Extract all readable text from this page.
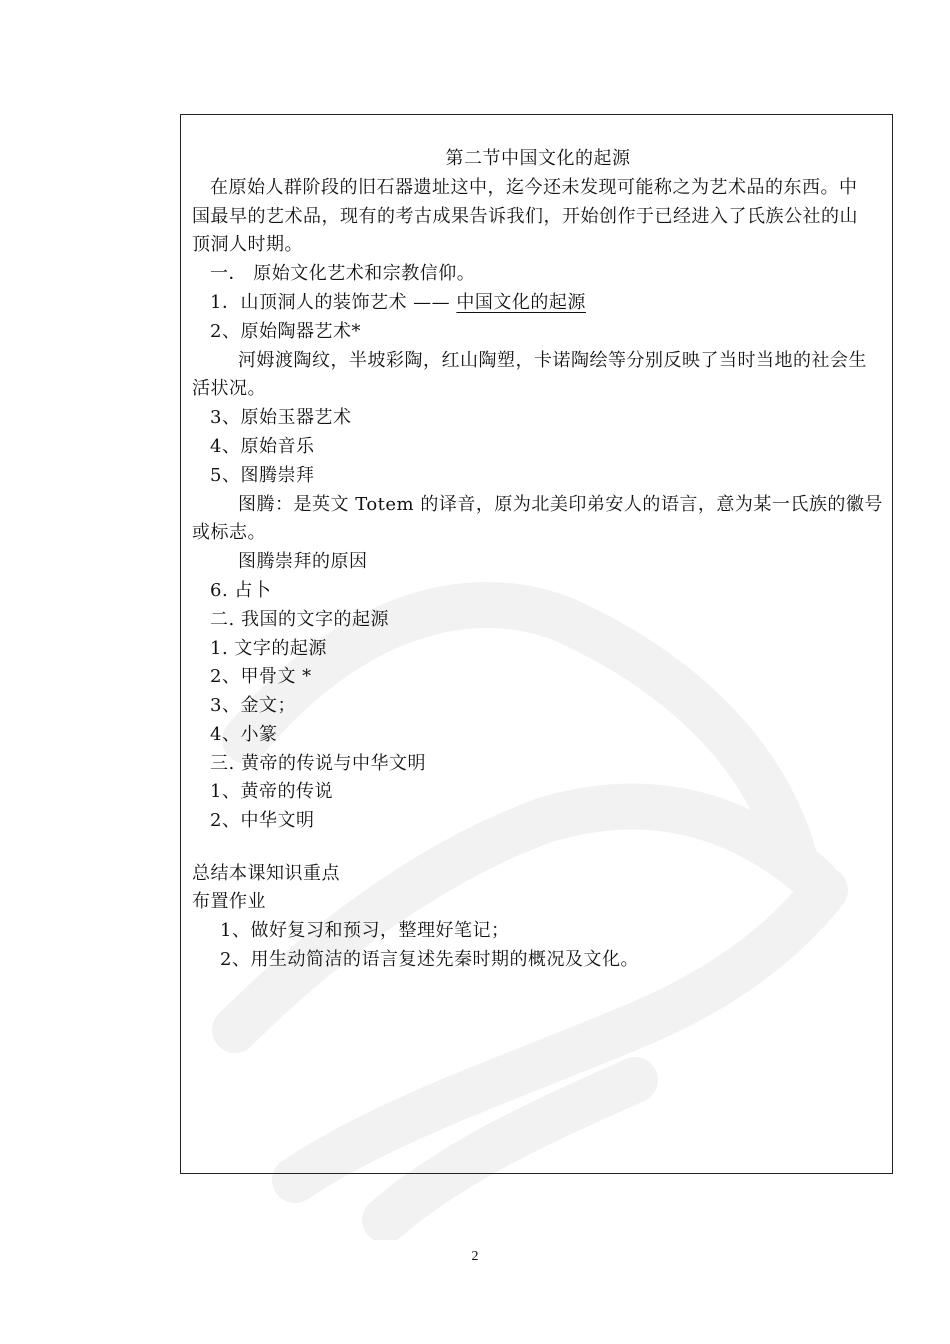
第二节中国文化的起源
在原始人群阶段的旧石器遗址这中，迄今还未发现可能称之为艺术品的东西。中
国最早的艺术品，现有的考古成果告诉我们，开始创作于已经进入了氏族公社的山
顶洞人时期。
一． 原始文化艺术和宗教信仰。
1．山顶洞人的装饰艺术 —— 中国文化的起源
2、原始陶器艺术*
河姆渡陶纹，半坡彩陶，红山陶塑，卡诺陶绘等分别反映了当时当地的社会生
活状况。
3、原始玉器艺术
4、原始音乐
5、图腾崇拜
图腾：是英文 Totem 的译音，原为北美印弟安人的语言，意为某一氏族的徽号
或标志。
图腾崇拜的原因
6. 占卜
二. 我国的文字的起源
1. 文字的起源
2、甲骨文 *
3、金文；
4、小篆
三. 黄帝的传说与中华文明
1、黄帝的传说
2、中华文明
总结本课知识重点
布置作业
1、做好复习和预习，整理好笔记；
2、用生动简洁的语言复述先秦时期的概况及文化。
2
